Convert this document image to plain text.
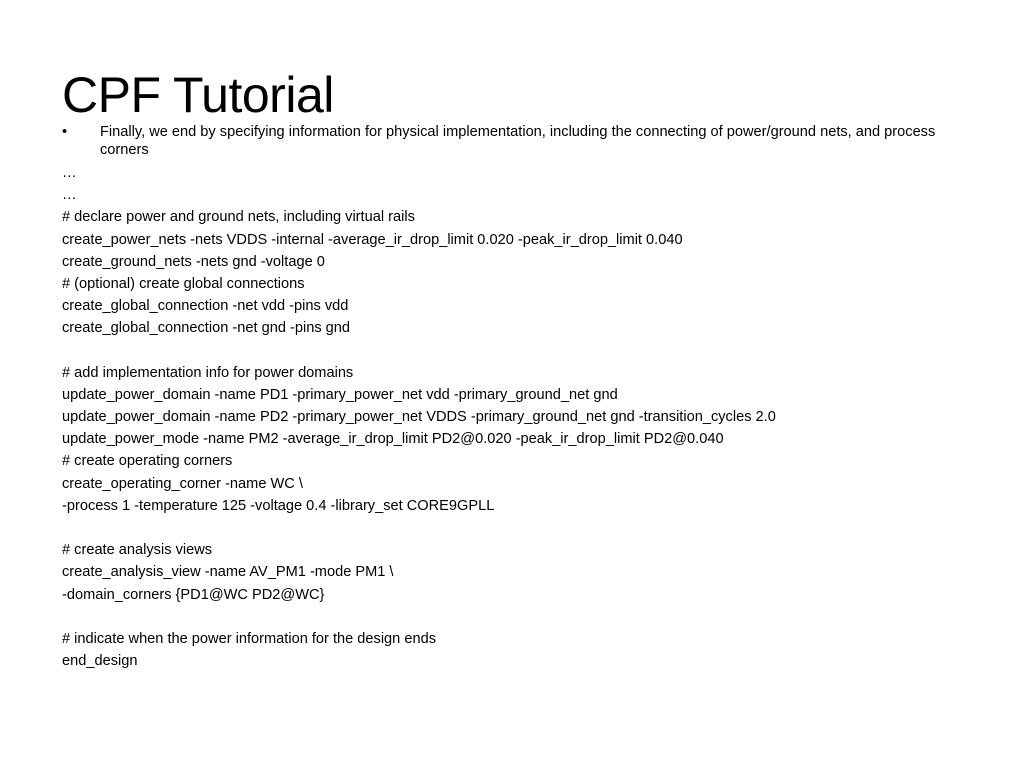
CPF Tutorial
• Finally, we end by specifying information for physical implementation, including the connecting of power/ground nets, and process corners
…
…
# declare power and ground nets, including virtual rails
create_power_nets -nets VDDS -internal -average_ir_drop_limit 0.020 -peak_ir_drop_limit 0.040
create_ground_nets -nets gnd -voltage 0
# (optional) create global connections
create_global_connection -net vdd -pins vdd
create_global_connection -net gnd -pins gnd
# add implementation info for power domains
update_power_domain -name PD1 -primary_power_net vdd -primary_ground_net gnd
update_power_domain -name PD2 -primary_power_net VDDS -primary_ground_net gnd -transition_cycles 2.0
update_power_mode -name PM2 -average_ir_drop_limit PD2@0.020 -peak_ir_drop_limit PD2@0.040
# create operating corners
create_operating_corner -name WC \
-process 1 -temperature 125 -voltage 0.4 -library_set CORE9GPLL
# create analysis views
create_analysis_view -name AV_PM1 -mode PM1 \
-domain_corners {PD1@WC PD2@WC}
# indicate when the power information for the design ends
end_design
